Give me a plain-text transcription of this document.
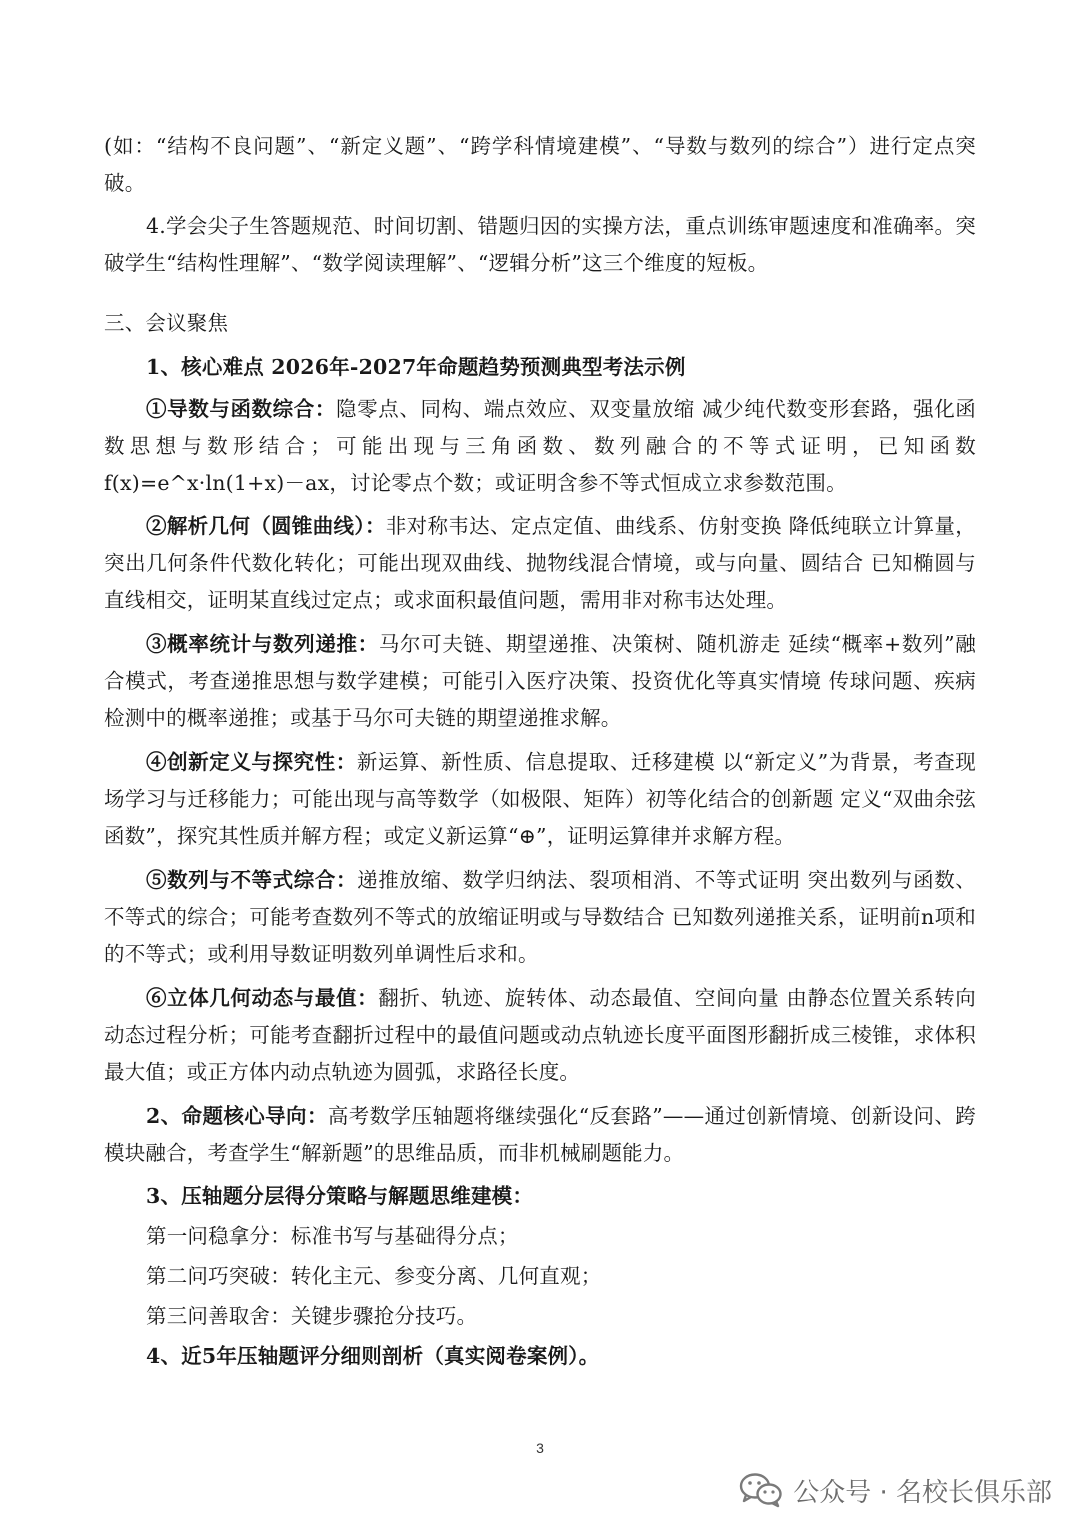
(如：“结构不良问题”、“新定义题”、“跨学科情境建模”、“导数与数列的综合”）进行定点突破。
4.学会尖子生答题规范、时间切割、错题归因的实操方法，重点训练审题速度和准确率。突破学生“结构性理解”、“数学阅读理解”、“逻辑分析”这三个维度的短板。
三、会议聚焦
1、核心难点 2026年-2027年命题趋势预测典型考法示例
①导数与函数综合：隐零点、同构、端点效应、双变量放缩 减少纯代数变形套路，强化函数思想与数形结合；可能出现与三角函数、数列融合的不等式证明，已知函数f(x)=e^x·ln(1+x)－ax，讨论零点个数；或证明含参不等式恒成立求参数范围。
②解析几何（圆锥曲线）：非对称韦达、定点定值、曲线系、仿射变换 降低纯联立计算量，突出几何条件代数化转化；可能出现双曲线、抛物线混合情境，或与向量、圆结合 已知椭圆与直线相交，证明某直线过定点；或求面积最值问题，需用非对称韦达处理。
③概率统计与数列递推：马尔可夫链、期望递推、决策树、随机游走 延续“概率+数列”融合模式，考查递推思想与数学建模；可能引入医疗决策、投资优化等真实情境 传球问题、疾病检测中的概率递推；或基于马尔可夫链的期望递推求解。
④创新定义与探究性：新运算、新性质、信息提取、迁移建模 以“新定义”为背景，考查现场学习与迁移能力；可能出现与高等数学（如极限、矩阵）初等化结合的创新题 定义“双曲余弦函数”，探究其性质并解方程；或定义新运算“⊕”，证明运算律并求解方程。
⑤数列与不等式综合：递推放缩、数学归纳法、裂项相消、不等式证明 突出数列与函数、不等式的综合；可能考查数列不等式的放缩证明或与导数结合 已知数列递推关系，证明前n项和的不等式；或利用导数证明数列单调性后求和。
⑥立体几何动态与最值：翻折、轨迹、旋转体、动态最值、空间向量 由静态位置关系转向动态过程分析；可能考查翻折过程中的最值问题或动点轨迹长度平面图形翻折成三棱锥，求体积最大值；或正方体内动点轨迹为圆弧，求路径长度。
2、命题核心导向：高考数学压轴题将继续强化“反套路”——通过创新情境、创新设问、跨模块融合，考查学生“解新题”的思维品质，而非机械刷题能力。
3、压轴题分层得分策略与解题思维建模：
第一问稳拿分：标准书写与基础得分点；
第二问巧突破：转化主元、参变分离、几何直观；
第三问善取舍：关键步骤抢分技巧。
4、近5年压轴题评分细则剖析（真实阅卷案例）。
3
公众号 · 名校长俱乐部
